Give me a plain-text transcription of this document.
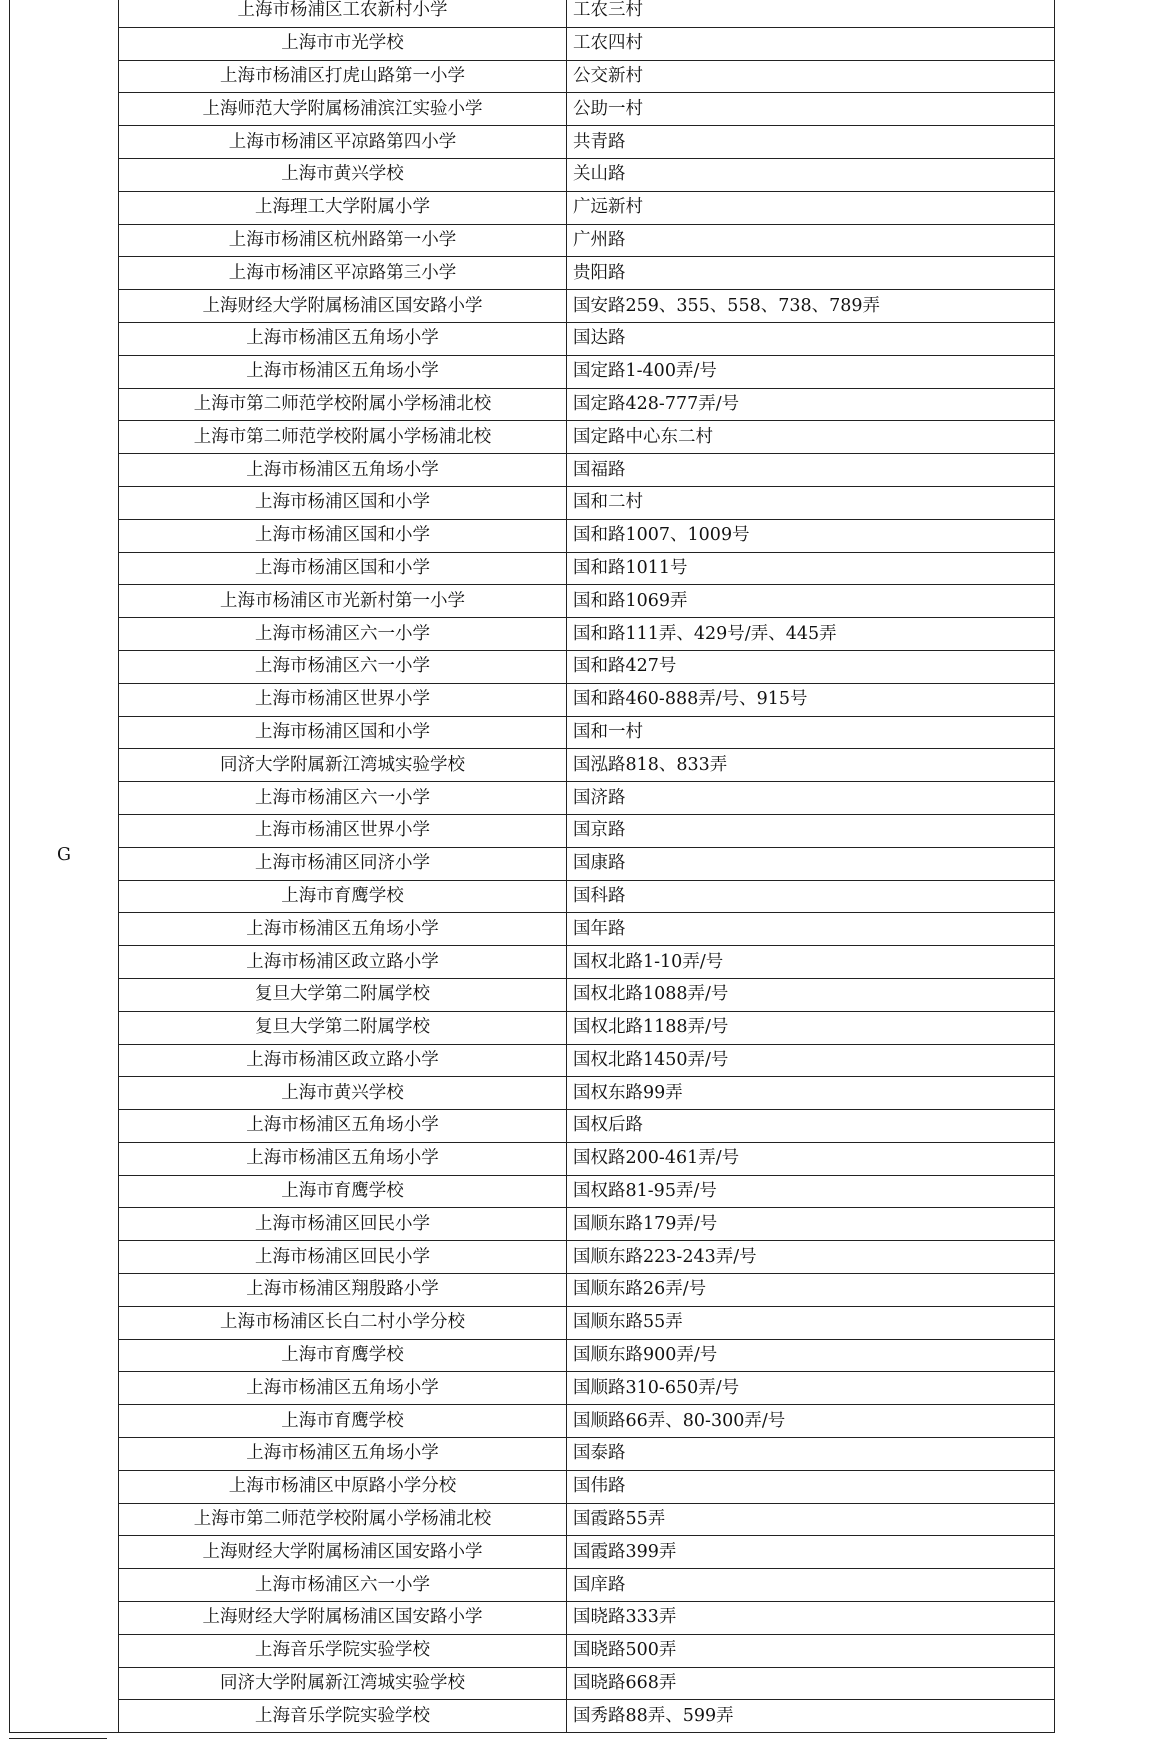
G	上海市杨浦区工农新村小学	工农三村
	上海市市光学校	工农四村
	上海市杨浦区打虎山路第一小学	公交新村
	上海师范大学附属杨浦滨江实验小学	公助一村
	上海市杨浦区平凉路第四小学	共青路
	上海市黄兴学校	关山路
	上海理工大学附属小学	广远新村
	上海市杨浦区杭州路第一小学	广州路
	上海市杨浦区平凉路第三小学	贵阳路
	上海财经大学附属杨浦区国安路小学	国安路259、355、558、738、789弄
	上海市杨浦区五角场小学	国达路
	上海市杨浦区五角场小学	国定路1-400弄/号
	上海市第二师范学校附属小学杨浦北校	国定路428-777弄/号
	上海市第二师范学校附属小学杨浦北校	国定路中心东二村
	上海市杨浦区五角场小学	国福路
	上海市杨浦区国和小学	国和二村
	上海市杨浦区国和小学	国和路1007、1009号
	上海市杨浦区国和小学	国和路1011号
	上海市杨浦区市光新村第一小学	国和路1069弄
	上海市杨浦区六一小学	国和路111弄、429号/弄、445弄
	上海市杨浦区六一小学	国和路427号
	上海市杨浦区世界小学	国和路460-888弄/号、915号
	上海市杨浦区国和小学	国和一村
	同济大学附属新江湾城实验学校	国泓路818、833弄
	上海市杨浦区六一小学	国济路
	上海市杨浦区世界小学	国京路
	上海市杨浦区同济小学	国康路
	上海市育鹰学校	国科路
	上海市杨浦区五角场小学	国年路
	上海市杨浦区政立路小学	国权北路1-10弄/号
	复旦大学第二附属学校	国权北路1088弄/号
	复旦大学第二附属学校	国权北路1188弄/号
	上海市杨浦区政立路小学	国权北路1450弄/号
	上海市黄兴学校	国权东路99弄
	上海市杨浦区五角场小学	国权后路
	上海市杨浦区五角场小学	国权路200-461弄/号
	上海市育鹰学校	国权路81-95弄/号
	上海市杨浦区回民小学	国顺东路179弄/号
	上海市杨浦区回民小学	国顺东路223-243弄/号
	上海市杨浦区翔殷路小学	国顺东路26弄/号
	上海市杨浦区长白二村小学分校	国顺东路55弄
	上海市育鹰学校	国顺东路900弄/号
	上海市杨浦区五角场小学	国顺路310-650弄/号
	上海市育鹰学校	国顺路66弄、80-300弄/号
	上海市杨浦区五角场小学	国泰路
	上海市杨浦区中原路小学分校	国伟路
	上海市第二师范学校附属小学杨浦北校	国霞路55弄
	上海财经大学附属杨浦区国安路小学	国霞路399弄
	上海市杨浦区六一小学	国庠路
	上海财经大学附属杨浦区国安路小学	国晓路333弄
	上海音乐学院实验学校	国晓路500弄
	同济大学附属新江湾城实验学校	国晓路668弄
	上海音乐学院实验学校	国秀路88弄、599弄
